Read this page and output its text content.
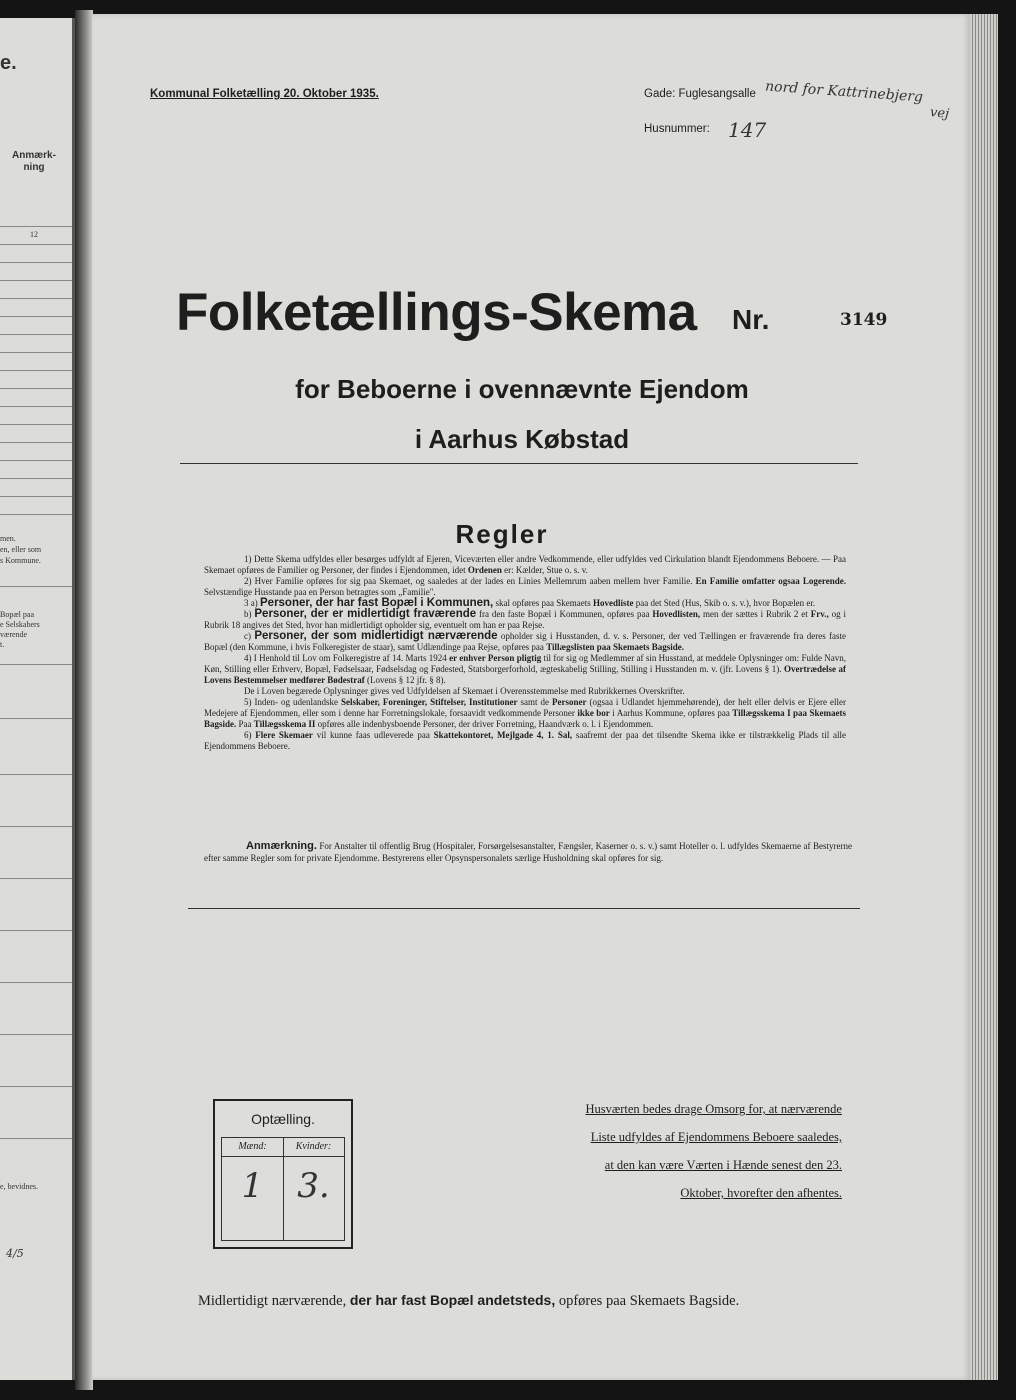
e.
Anmærk-ning
12
men.
en, eller som
s Kommune.
Bopæl paa
e Selskabers
værende
t.
e, bevidnes.
4/5
Kommunal Folketælling 20. Oktober 1935.	Gade: Fuglesangsalle nord for Kattrinebjerg
vej
Husnummer: 147
Folketællings-Skema Nr.	3149
for Beboerne i ovennævnte Ejendom
i Aarhus Købstad
Regler

1) Dette Skema udfyldes eller besørges udfyldt af Ejeren, Viceværten eller andre Vedkommende, eller udfyldes ved Cirkulation blandt Ejendommens Beboere. — Paa Skemaet opføres de Familier og Personer, der findes i Ejendommen, idet Ordenen er: Kælder, Stue o. s. v.

2) Hver Familie opføres for sig paa Skemaet, og saaledes at der lades en Linies Mellemrum aaben mellem hver Familie. En Familie omfatter ogsaa Logerende. Selvstændige Husstande paa en Person betragtes som „Familie".

3 a) Personer, der har fast Bopæl i Kommunen, skal opføres paa Skemaets Hovedliste paa det Sted (Hus, Skib o. s. v.), hvor Bopælen er.

b) Personer, der er midlertidigt fraværende fra den faste Bopæl i Kommunen, opføres paa Hovedlisten, men der sættes i Rubrik 2 et Frv., og i Rubrik 18 angives det Sted, hvor han midlertidigt opholder sig, eventuelt om han er paa Rejse.

c) Personer, der som midlertidigt nærværende opholder sig i Husstanden, d. v. s. Personer, der ved Tællingen er fraværende fra deres faste Bopæl (den Kommune, i hvis Folkeregister de staar), samt Udlændinge paa Rejse, opføres paa Tillægslisten paa Skemaets Bagside.

4) I Henhold til Lov om Folkeregistre af 14. Marts 1924 er enhver Person pligtig til for sig og Medlemmer af sin Husstand, at meddele Oplysninger om: Fulde Navn, Køn, Stilling eller Erhverv, Bopæl, Fødselsaar, Fødselsdag og Fødested, Statsborgerforhold, ægteskabelig Stilling, Stilling i Husstanden m. v. (jfr. Lovens § 1). Overtrædelse af Lovens Bestemmelser medfører Bødestraf (Lovens § 12 jfr. § 8).

De i Loven begærede Oplysninger gives ved Udfyldelsen af Skemaet i Overensstemmelse med Rubrikkernes Overskrifter.

5) Inden- og udenlandske Selskaber, Foreninger, Stiftelser, Institutioner samt de Personer (ogsaa i Udlandet hjemmehørende), der helt eller delvis er Ejere eller Medejere af Ejendommen, eller som i denne har Forretningslokale, forsaavidt vedkommende Personer ikke bor i Aarhus Kommune, opføres paa Tillægsskema I paa Skemaets Bagside. Paa Tillægsskema II opføres alle indenbysboende Personer, der driver Forretning, Haandværk o. l. i Ejendommen.

6) Flere Skemaer vil kunne faas udleverede paa Skattekontoret, Mejlgade 4, 1. Sal, saafremt der paa det tilsendte Skema ikke er tilstrækkelig Plads til alle Ejendommens Beboere.

Anmærkning. For Anstalter til offentlig Brug (Hospitaler, Forsørgelsesanstalter, Fængsler, Kaserner o. s. v.) samt Hoteller o. l. udfyldes Skemaerne af Bestyrerne efter samme Regler som for private Ejendomme. Bestyrerens eller Opsynspersonalets særlige Husholdning skal opføres for sig.
Optælling.
Mænd:	Kvinder:
1 3.
Husværten bedes drage Omsorg for, at nærværende
Liste udfyldes af Ejendommens Beboere saaledes,
at den kan være Værten i Hænde senest den 23.
Oktober, hvorefter den afhentes.
Midlertidigt nærværende, der har fast Bopæl andetsteds, opføres paa Skemaets Bagside.
